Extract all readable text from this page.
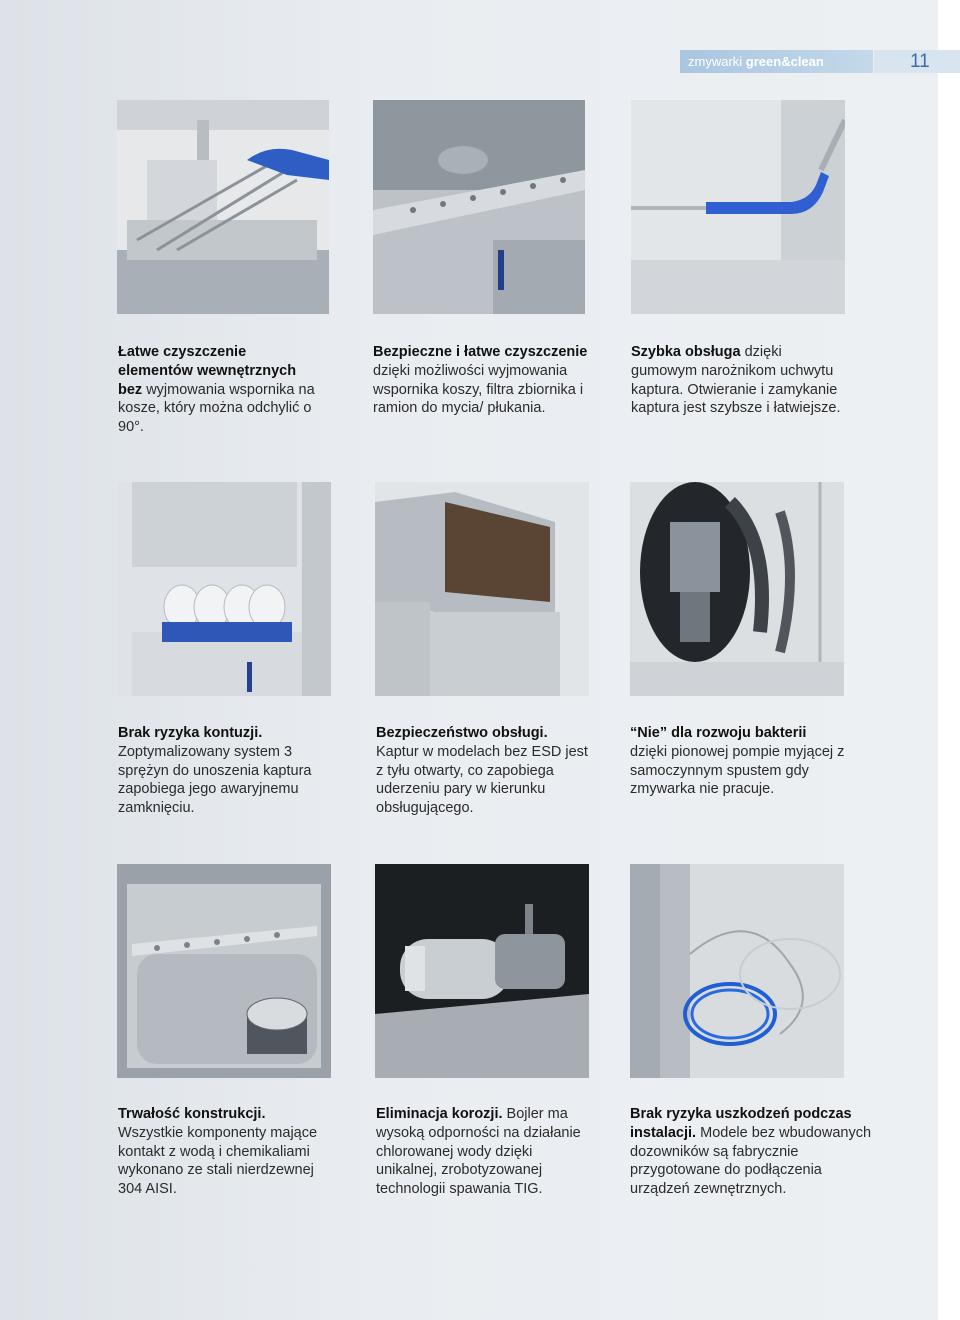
zmywarki green&clean	11
Łatwe czyszczenie
elementów wewnętrznych
bez wyjmowania wspornika na kosze, który można odchylić o 90°.
Bezpieczne i łatwe czyszczenie dzięki możliwości wyjmowania wspornika koszy, filtra zbiornika i ramion do mycia/ płukania.
Szybka obsługa dzięki gumowym narożnikom uchwytu kaptura. Otwieranie i zamykanie kaptura jest szybsze i łatwiejsze.
Brak ryzyka kontuzji.
Zoptymalizowany system 3 sprężyn do unoszenia kaptura zapobiega jego awaryjnemu zamknięciu.
Bezpieczeństwo obsługi.
Kaptur w modelach bez ESD jest z tyłu otwarty, co zapobiega uderzeniu pary w kierunku obsługującego.
“Nie” dla rozwoju bakterii
dzięki pionowej pompie myjącej z samoczynnym spustem gdy zmywarka nie pracuje.
Trwałość konstrukcji.
Wszystkie komponenty mające kontakt z wodą i chemikaliami wykonano ze stali nierdzewnej 304 AISI.
Eliminacja korozji. Bojler ma wysoką odporności na działanie chlorowanej wody dzięki unikalnej, zrobotyzowanej technologii spawania TIG.
Brak ryzyka uszkodzeń podczas instalacji. Modele bez wbudowanych dozowników są fabrycznie przygotowane do podłączenia urządzeń zewnętrznych.
